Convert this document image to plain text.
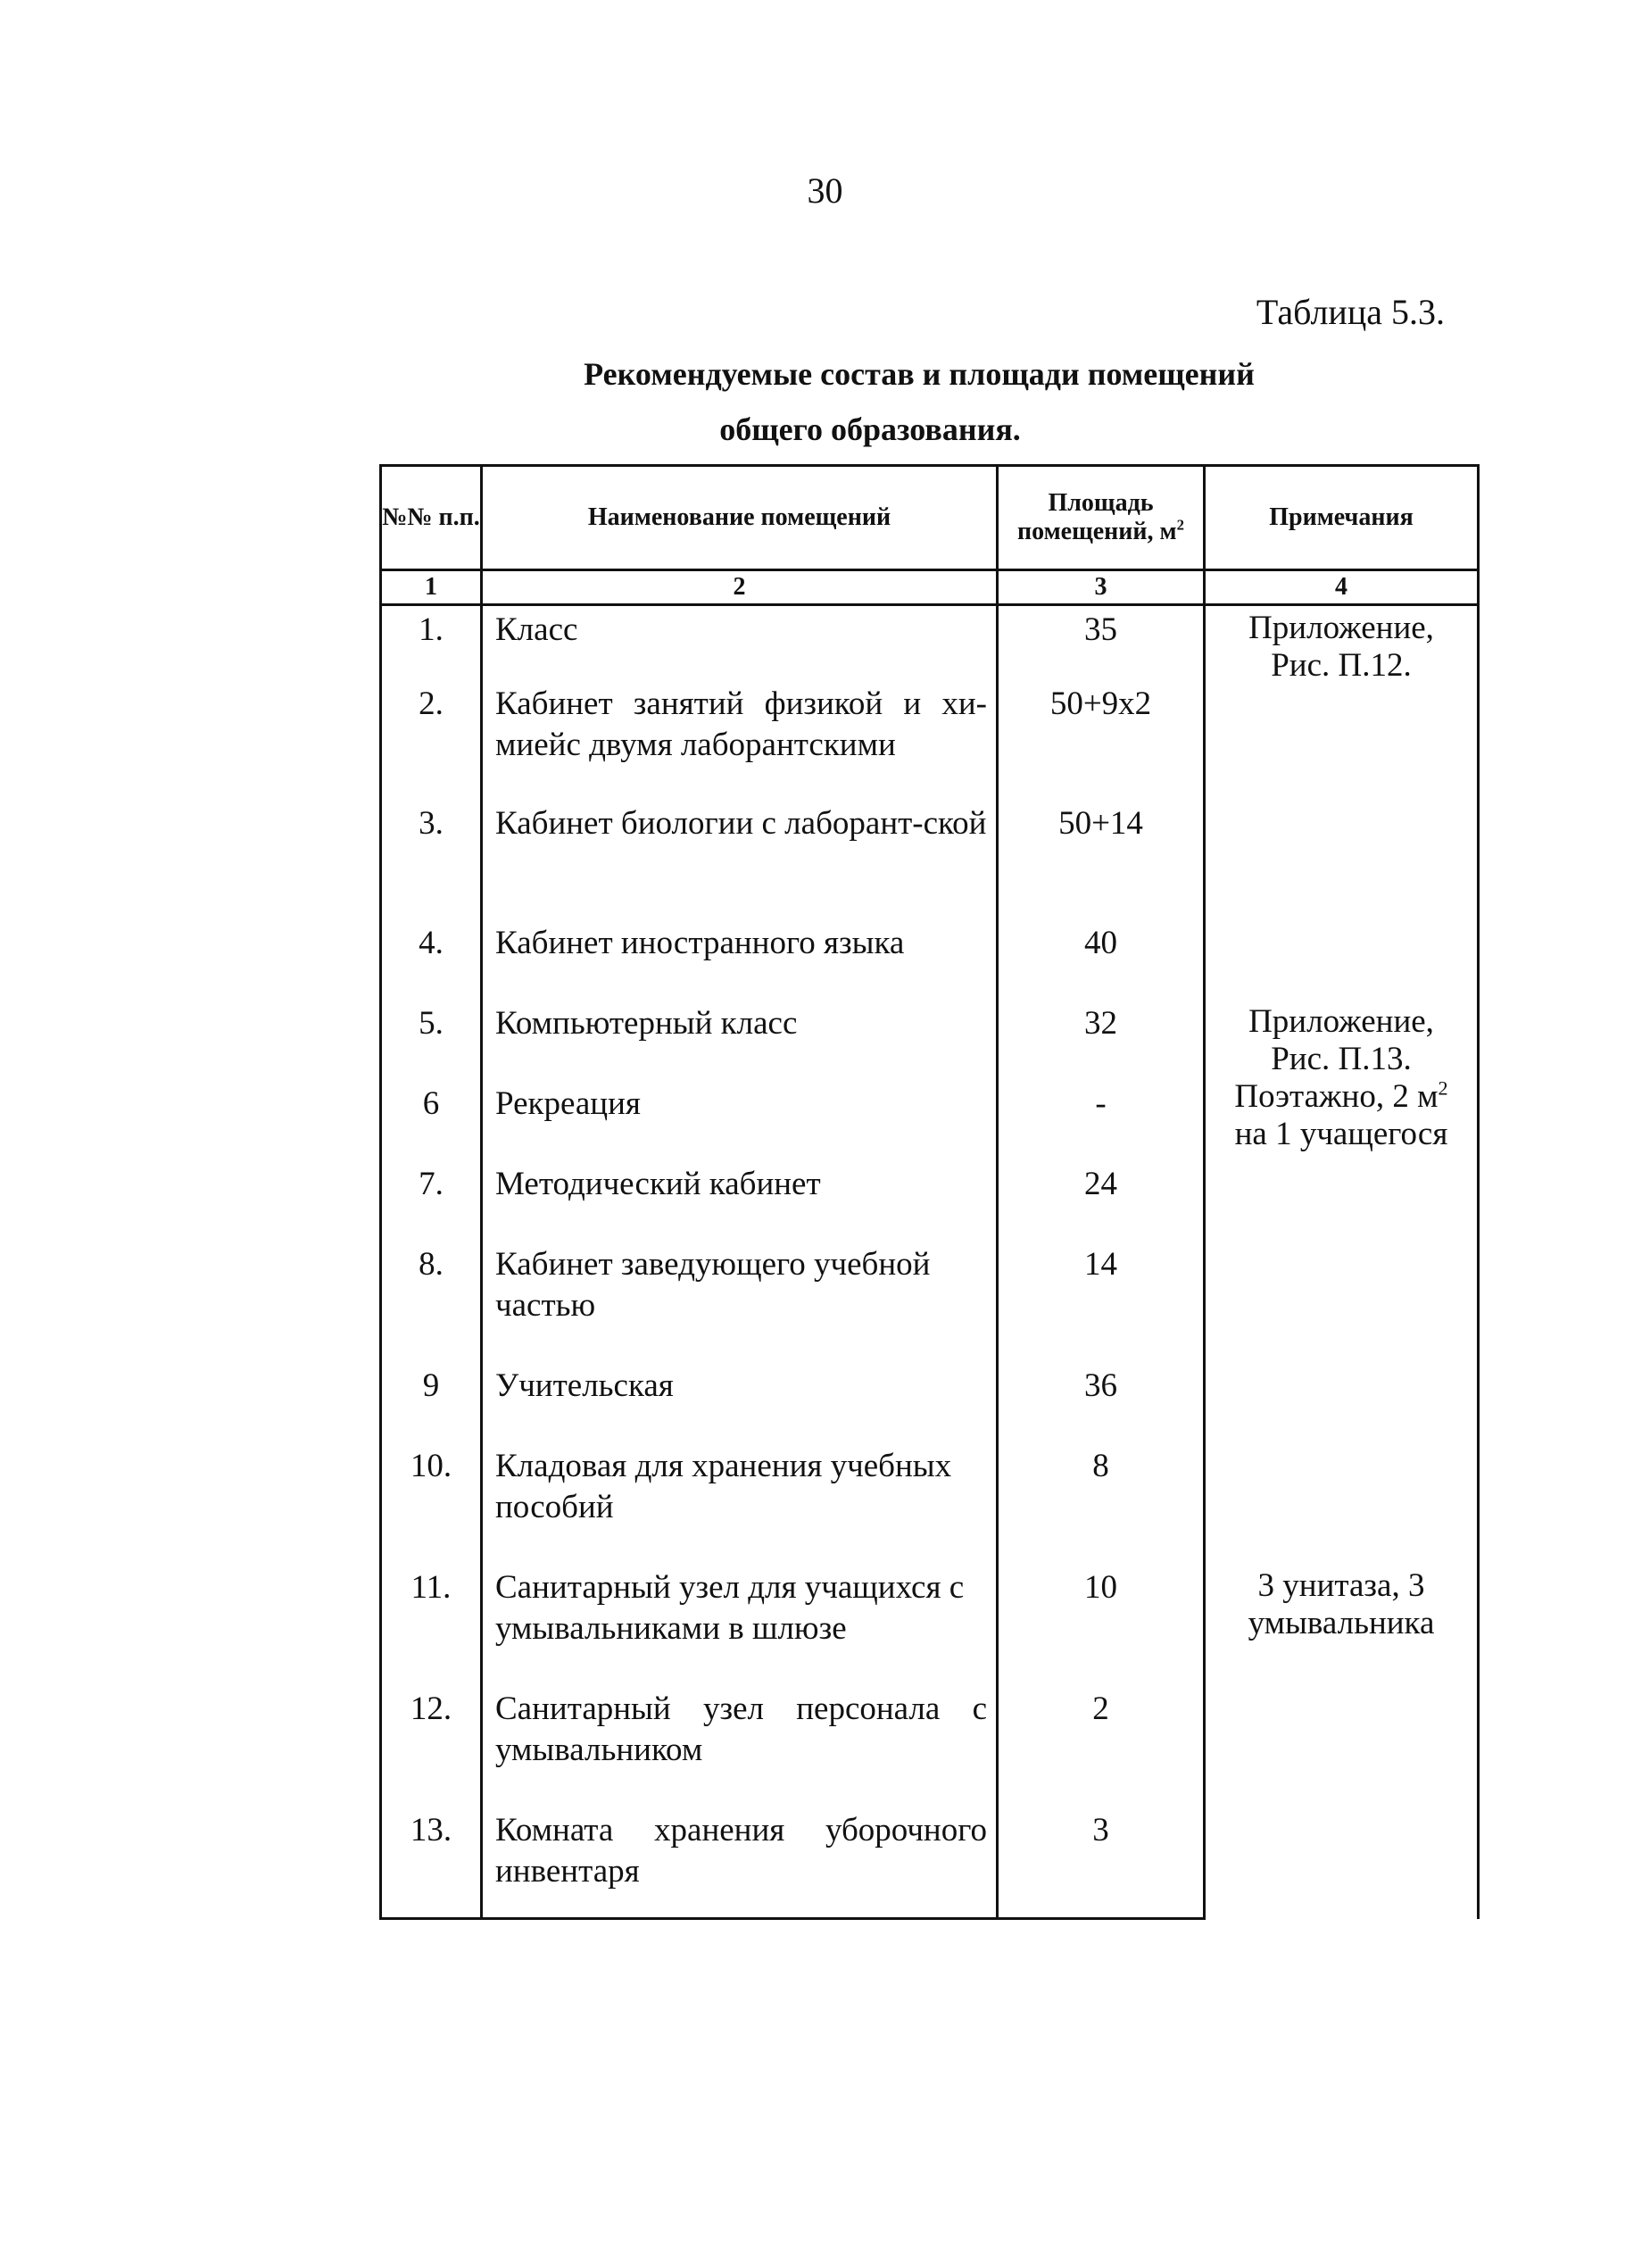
30
Таблица 5.3.
Рекомендуемые состав и площади помещений
общего образования.
№№ п.п.	Наименование помещений	Площадь помещений, $м^2$	Примечания
1	2	3	4
1.	Класс	35	Приложение,
Рис. П.12.

2.	Кабинет занятий физикой и хи-миейс двумя лаборантскими	50+9х2	
3.	Кабинет биологии с лаборант-ской	50+14	
4.	Кабинет иностранного языка	40	
5.	Компьютерный класс	32	Приложение,
Рис. П.13.
Поэтажно, 2 $м^2$
на 1 учащегося

6	Рекреация	-	
7.	Методический кабинет	24	
8.	Кабинет заведующего учебной частью	14	
9	Учительская	36	
10.	Кладовая для хранения учебных пособий	8	
11.	Санитарный узел для учащихся с умывальниками в шлюзе	10	3 унитаза, 3
умывальника

12.	Санитарный узел персонала с умывальником	2	
13.	Комната хранения уборочного инвентаря	3	
